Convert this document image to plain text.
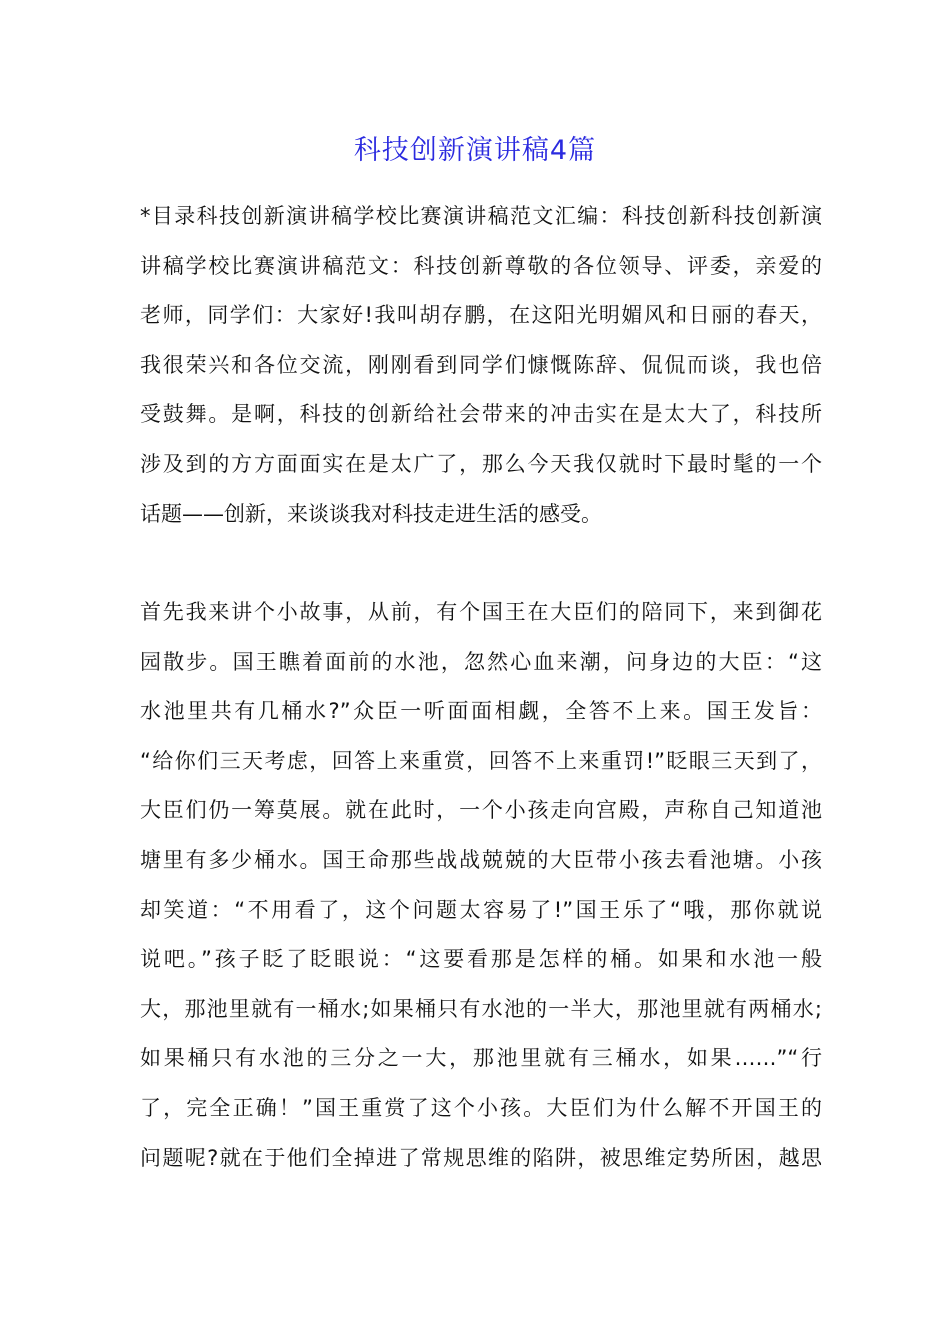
科技创新演讲稿4篇
*目录科技创新演讲稿学校比赛演讲稿范文汇编：科技创新科技创新演
讲稿学校比赛演讲稿范文：科技创新尊敬的各位领导、评委，亲爱的
老师，同学们：大家好!我叫胡存鹏，在这阳光明媚风和日丽的春天，
我很荣兴和各位交流，刚刚看到同学们慷慨陈辞、侃侃而谈，我也倍
受鼓舞。是啊，科技的创新给社会带来的冲击实在是太大了，科技所
涉及到的方方面面实在是太广了，那么今天我仅就时下最时髦的一个
话题——创新，来谈谈我对科技走进生活的感受。
首先我来讲个小故事，从前，有个国王在大臣们的陪同下，来到御花
园散步。国王瞧着面前的水池，忽然心血来潮，问身边的大臣：“这
水池里共有几桶水?”众臣一听面面相觑，全答不上来。国王发旨：
“给你们三天考虑，回答上来重赏，回答不上来重罚!”眨眼三天到了，
大臣们仍一筹莫展。就在此时，一个小孩走向宫殿，声称自己知道池
塘里有多少桶水。国王命那些战战兢兢的大臣带小孩去看池塘。小孩
却笑道：“不用看了，这个问题太容易了!”国王乐了“哦，那你就说
说吧。”孩子眨了眨眼说：“这要看那是怎样的桶。如果和水池一般
大，那池里就有一桶水;如果桶只有水池的一半大，那池里就有两桶水;
如果桶只有水池的三分之一大，那池里就有三桶水，如果……”“行
了，完全正确！”国王重赏了这个小孩。大臣们为什么解不开国王的
问题呢?就在于他们全掉进了常规思维的陷阱，被思维定势所困，越思
